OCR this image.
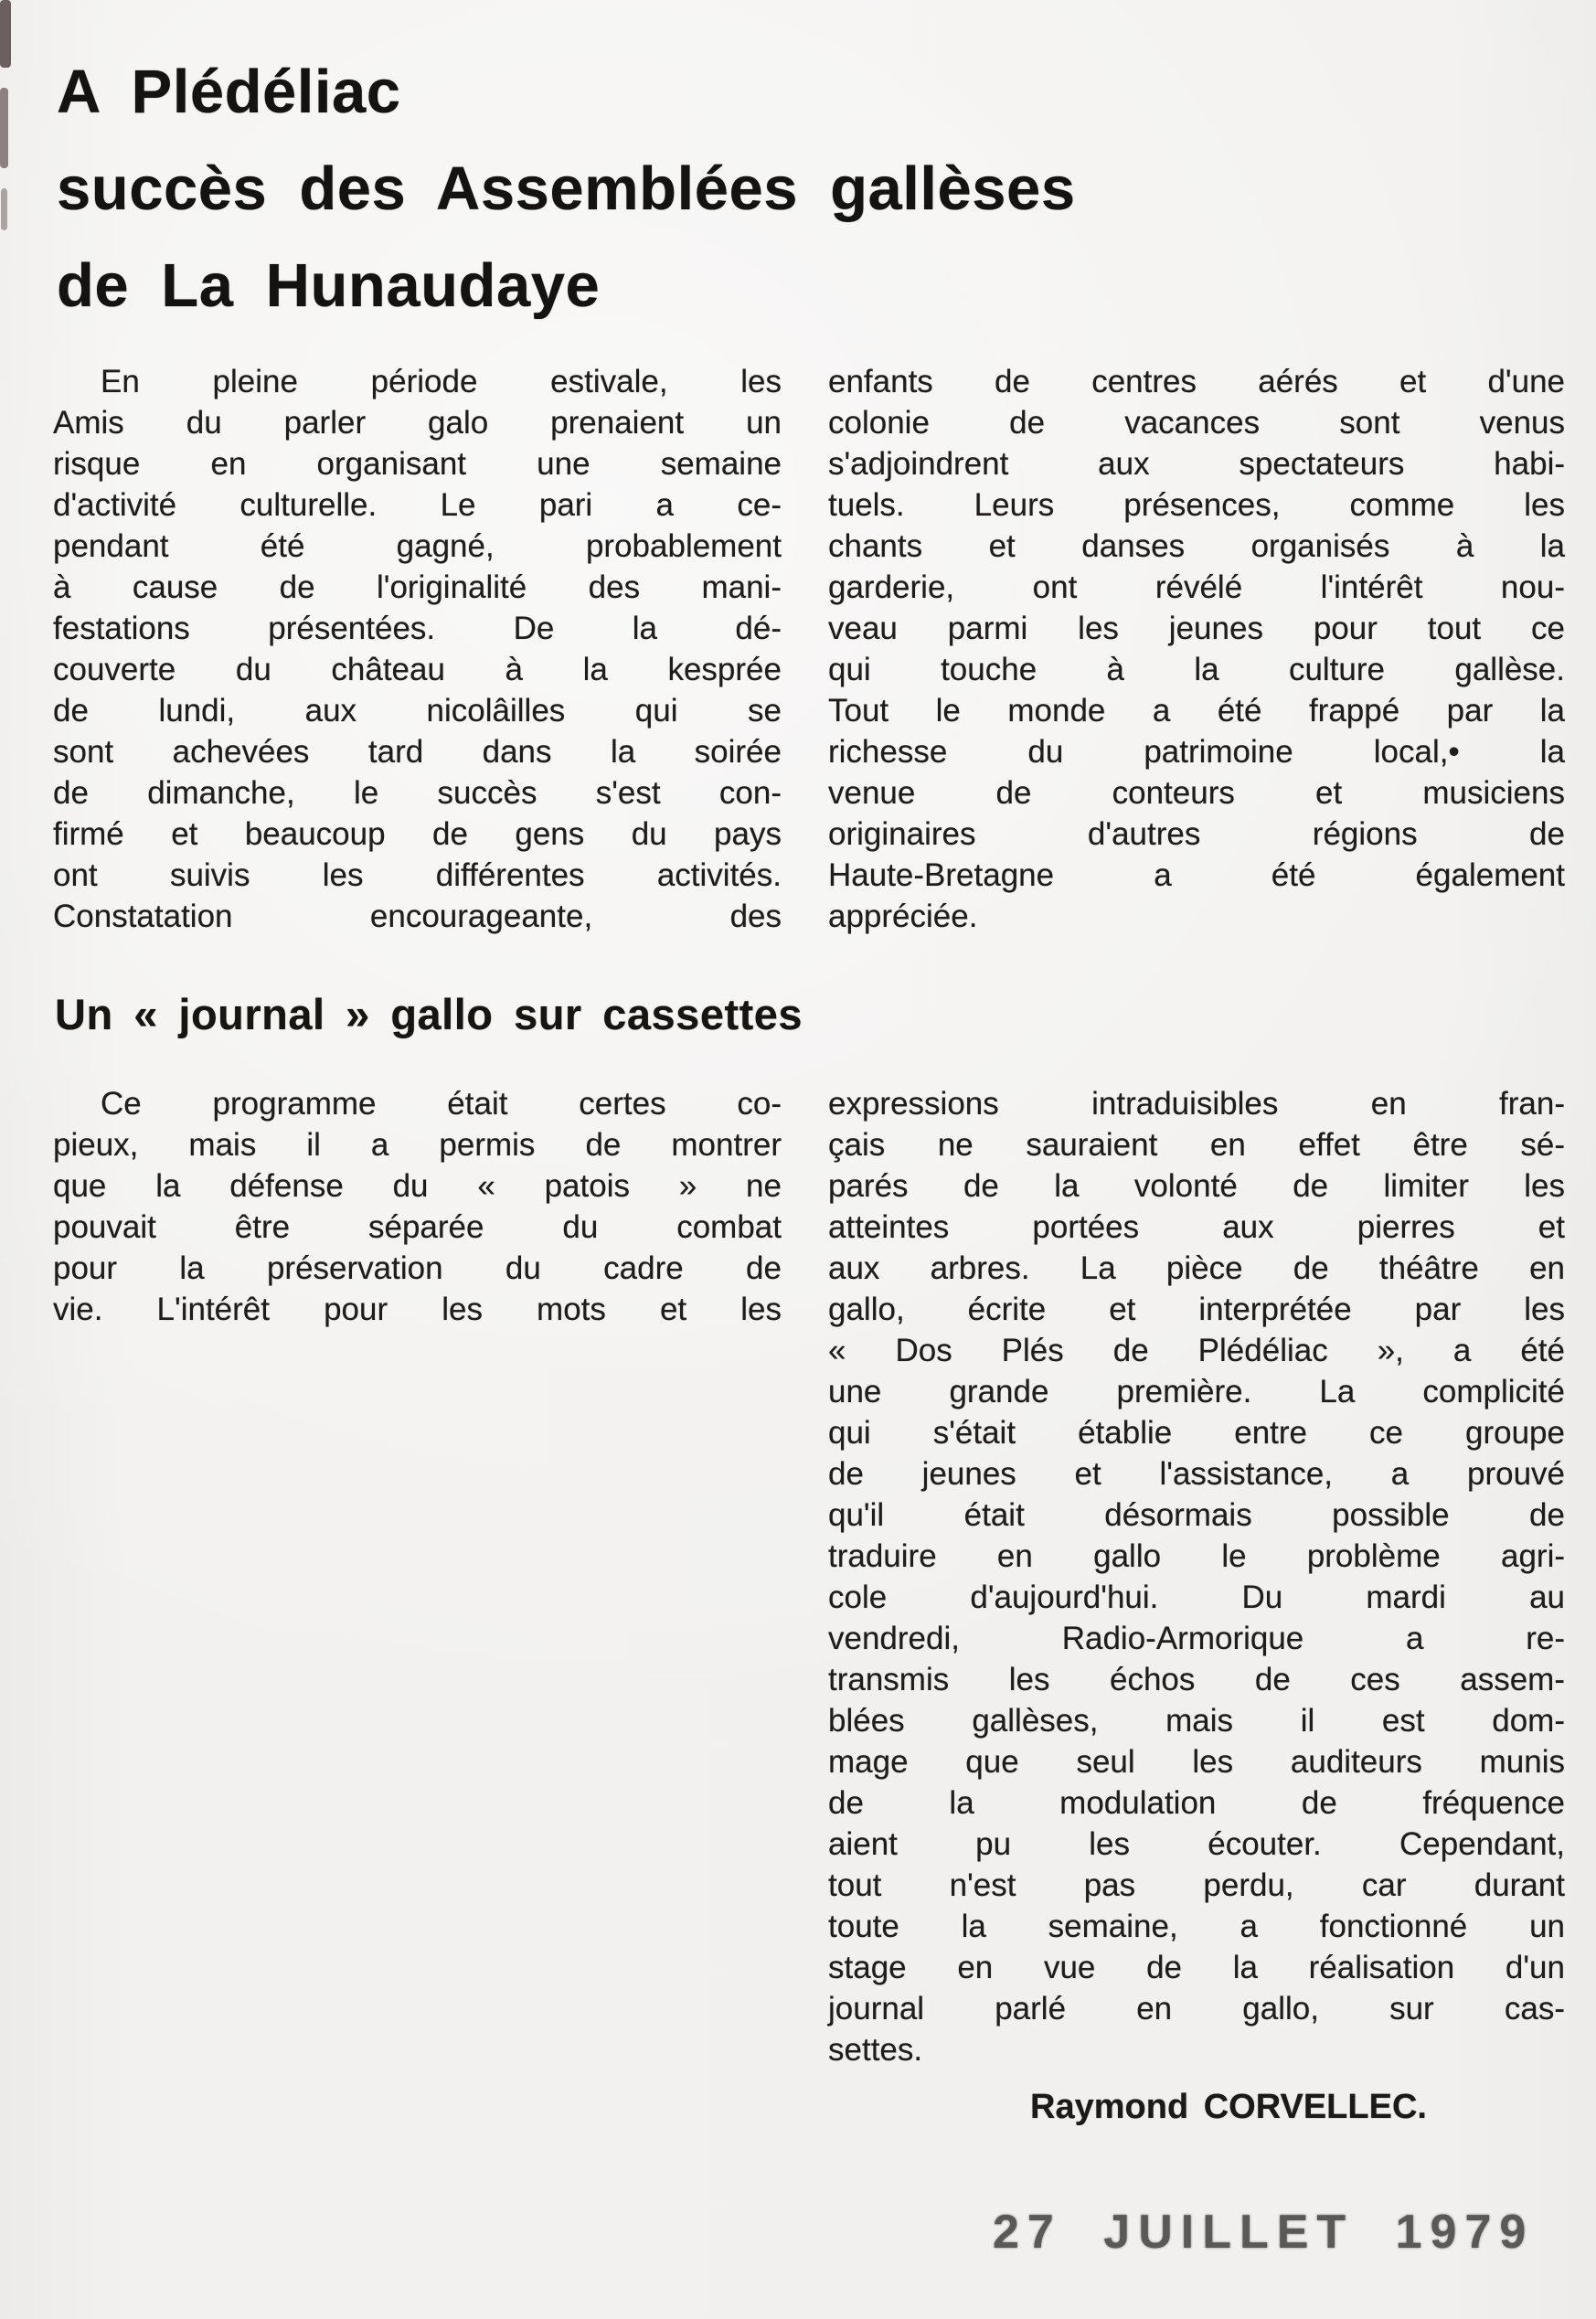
A Plédéliac
succès des Assemblées gallèses
de La Hunaudaye
En pleine période estivale, les
Amis du parler galo prenaient un
risque en organisant une semaine
d'activité culturelle. Le pari a ce-
pendant été gagné, probablement
à cause de l'originalité des mani-
festations présentées. De la dé-
couverte du château à la kesprée
de lundi, aux nicolâilles qui se
sont achevées tard dans la soirée
de dimanche, le succès s'est con-
firmé et beaucoup de gens du pays
ont suivis les différentes activités.
Constatation encourageante, des
enfants de centres aérés et d'une
colonie de vacances sont venus
s'adjoindrent aux spectateurs habi-
tuels. Leurs présences, comme les
chants et danses organisés à la
garderie, ont révélé l'intérêt nou-
veau parmi les jeunes pour tout ce
qui touche à la culture gallèse.
Tout le monde a été frappé par la
richesse du patrimoine local,• la
venue de conteurs et musiciens
originaires d'autres régions de
Haute-Bretagne a été également
appréciée.
Un « journal » gallo sur cassettes
Ce programme était certes co-
pieux, mais il a permis de montrer
que la défense du « patois » ne
pouvait être séparée du combat
pour la préservation du cadre de
vie. L'intérêt pour les mots et les
expressions intraduisibles en fran-
çais ne sauraient en effet être sé-
parés de la volonté de limiter les
atteintes portées aux pierres et
aux arbres. La pièce de théâtre en
gallo, écrite et interprétée par les
« Dos Plés de Plédéliac », a été
une grande première. La complicité
qui s'était établie entre ce groupe
de jeunes et l'assistance, a prouvé
qu'il était désormais possible de
traduire en gallo le problème agri-
cole d'aujourd'hui. Du mardi au
vendredi, Radio-Armorique a re-
transmis les échos de ces assem-
blées gallèses, mais il est dom-
mage que seul les auditeurs munis
de la modulation de fréquence
aient pu les écouter. Cependant,
tout n'est pas perdu, car durant
toute la semaine, a fonctionné un
stage en vue de la réalisation d'un
journal parlé en gallo, sur cas-
settes.
Raymond CORVELLEC.
27 JUILLET 1979
